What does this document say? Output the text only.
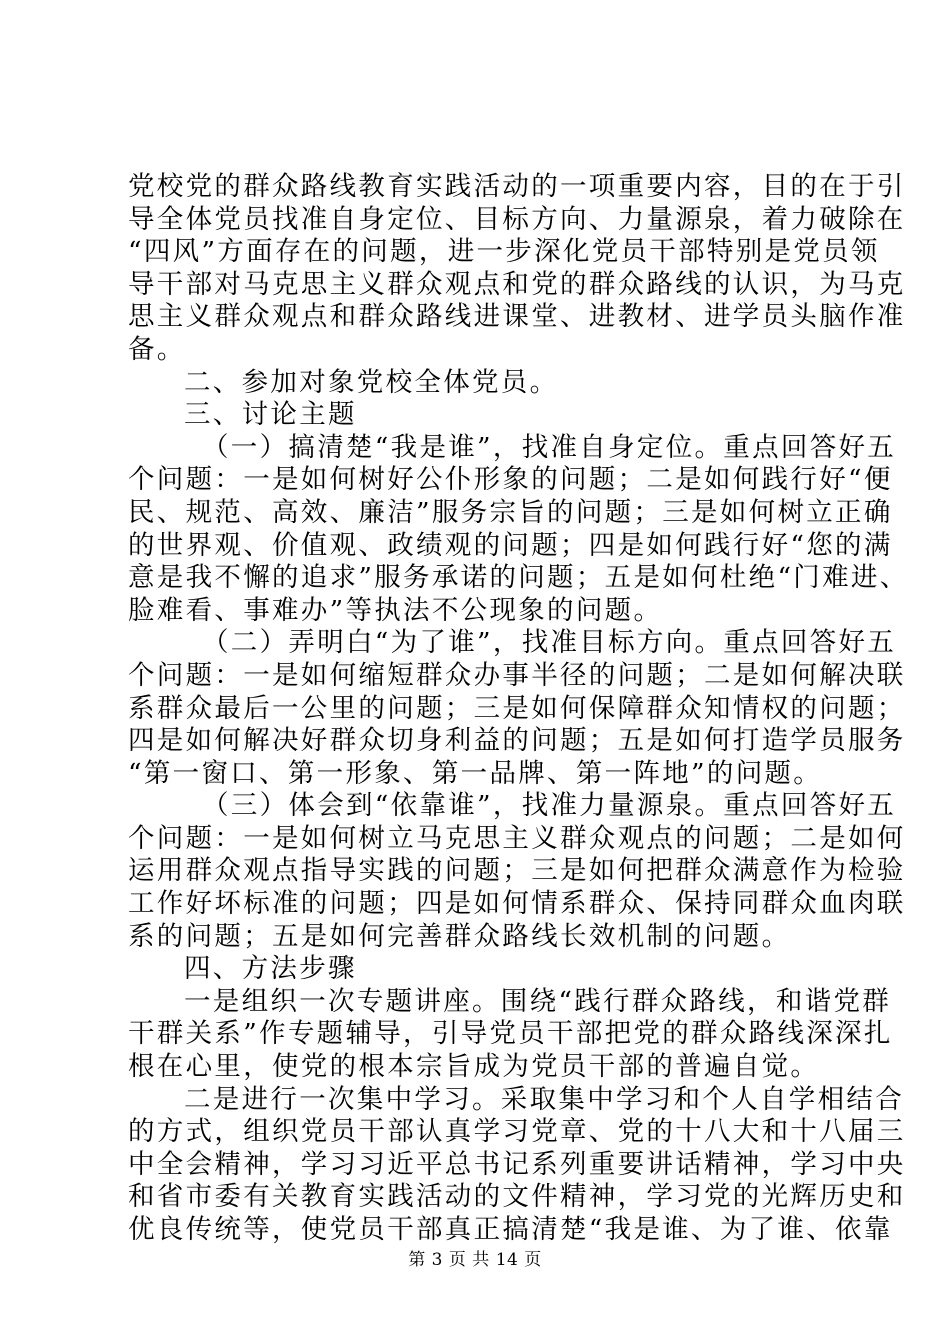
党校党的群众路线教育实践活动的一项重要内容，目的在于引
导全体党员找准自身定位、目标方向、力量源泉，着力破除在
“四风”方面存在的问题，进一步深化党员干部特别是党员领
导干部对马克思主义群众观点和党的群众路线的认识，为马克
思主义群众观点和群众路线进课堂、进教材、进学员头脑作准
备。
二、参加对象党校全体党员。
三、讨论主题
（一）搞清楚“我是谁”，找准自身定位。重点回答好五
个问题：一是如何树好公仆形象的问题；二是如何践行好“便
民、规范、高效、廉洁”服务宗旨的问题；三是如何树立正确
的世界观、价值观、政绩观的问题；四是如何践行好“您的满
意是我不懈的追求”服务承诺的问题；五是如何杜绝“门难进、
脸难看、事难办”等执法不公现象的问题。
（二）弄明白“为了谁”，找准目标方向。重点回答好五
个问题：一是如何缩短群众办事半径的问题；二是如何解决联
系群众最后一公里的问题；三是如何保障群众知情权的问题；
四是如何解决好群众切身利益的问题；五是如何打造学员服务
“第一窗口、第一形象、第一品牌、第一阵地”的问题。
（三）体会到“依靠谁”，找准力量源泉。重点回答好五
个问题：一是如何树立马克思主义群众观点的问题；二是如何
运用群众观点指导实践的问题；三是如何把群众满意作为检验
工作好坏标准的问题；四是如何情系群众、保持同群众血肉联
系的问题；五是如何完善群众路线长效机制的问题。
四、方法步骤
一是组织一次专题讲座。围绕“践行群众路线，和谐党群
干群关系”作专题辅导，引导党员干部把党的群众路线深深扎
根在心里，使党的根本宗旨成为党员干部的普遍自觉。
二是进行一次集中学习。采取集中学习和个人自学相结合
的方式，组织党员干部认真学习党章、党的十八大和十八届三
中全会精神，学习习近平总书记系列重要讲话精神，学习中央
和省市委有关教育实践活动的文件精神，学习党的光辉历史和
优良传统等，使党员干部真正搞清楚“我是谁、为了谁、依靠
第 3 页 共 14 页
